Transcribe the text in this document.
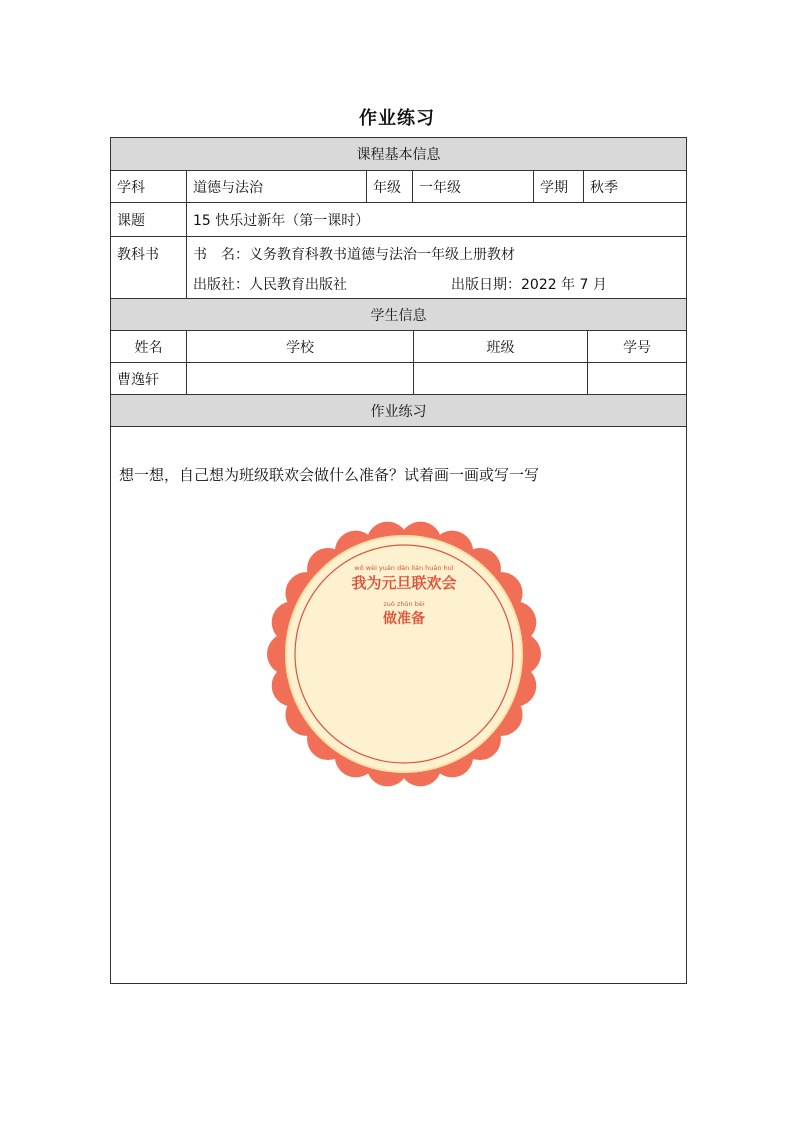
作业练习
课程基本信息
学科	道德与法治	年级	一年级	学期	秋季
课题	15 快乐过新年（第一课时）
教科书	书　名：义务教育科教书道德与法治一年级上册教材
出版社：人民教育出版社	出版日期：2022 年 7 月
学生信息
姓名	学校	班级	学号
曹逸轩
作业练习
想一想，自己想为班级联欢会做什么准备？试着画一画或写一写
wǒ wèi yuán dàn lián huān huì
我为元旦联欢会
zuò zhǔn bèi
做准备
